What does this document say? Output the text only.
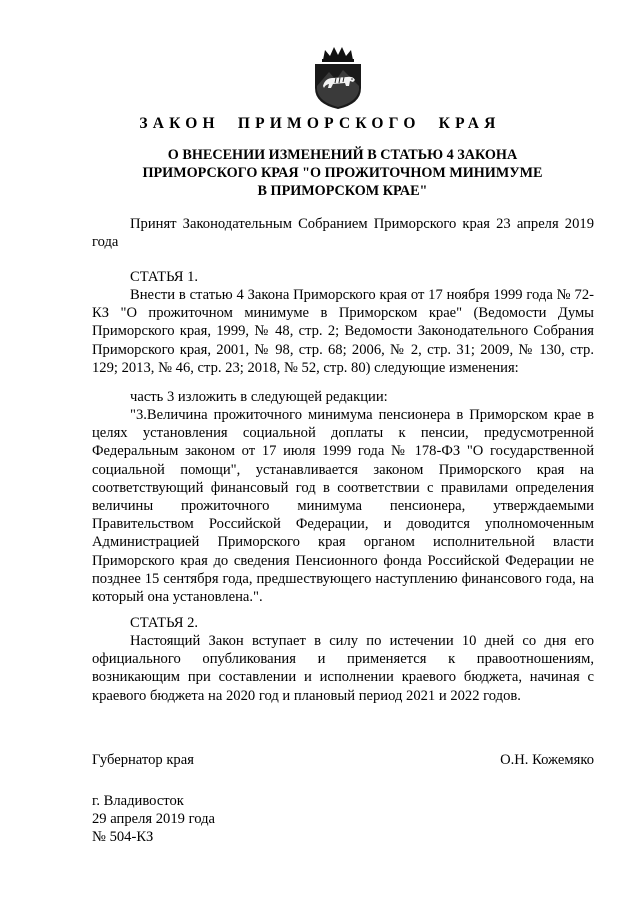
ЗАКОН ПРИМОРСКОГО КРАЯ
О ВНЕСЕНИИ ИЗМЕНЕНИЙ В СТАТЬЮ 4 ЗАКОНА
ПРИМОРСКОГО КРАЯ "О ПРОЖИТОЧНОМ МИНИМУМЕ
В ПРИМОРСКОМ КРАЕ"
Принят Законодательным Собранием Приморского края 23 апреля 2019 года
СТАТЬЯ 1.
Внести в статью 4 Закона Приморского края от 17 ноября 1999 года № 72-КЗ "О прожиточном минимуме в Приморском крае" (Ведомости Думы Приморского края, 1999, № 48, стр. 2; Ведомости Законодательного Собрания Приморского края, 2001, № 98, стр. 68; 2006, № 2, стр. 31; 2009, № 130, стр. 129; 2013, № 46, стр. 23; 2018, № 52, стр. 80) следующие изменения:
часть 3 изложить в следующей редакции:
"3.Величина прожиточного минимума пенсионера в Приморском крае в целях установления социальной доплаты к пенсии, предусмотренной Федеральным законом от 17 июля 1999 года № 178-ФЗ "О государственной социальной помощи", устанавливается законом Приморского края на соответствующий финансовый год в соответствии с правилами определения величины прожиточного минимума пенсионера, утверждаемыми Правительством Российской Федерации, и доводится уполномоченным Администрацией Приморского края органом исполнительной власти Приморского края до сведения Пенсионного фонда Российской Федерации не позднее 15 сентября года, предшествующего наступлению финансового года, на который она установлена.".
СТАТЬЯ 2.
Настоящий Закон вступает в силу по истечении 10 дней со дня его официального опубликования и применяется к правоотношениям, возникающим при составлении и исполнении краевого бюджета, начиная с краевого бюджета на 2020 год и плановый период 2021 и 2022 годов.
Губернатор края	О.Н. Кожемяко
г. Владивосток
29 апреля 2019 года
№ 504-КЗ
